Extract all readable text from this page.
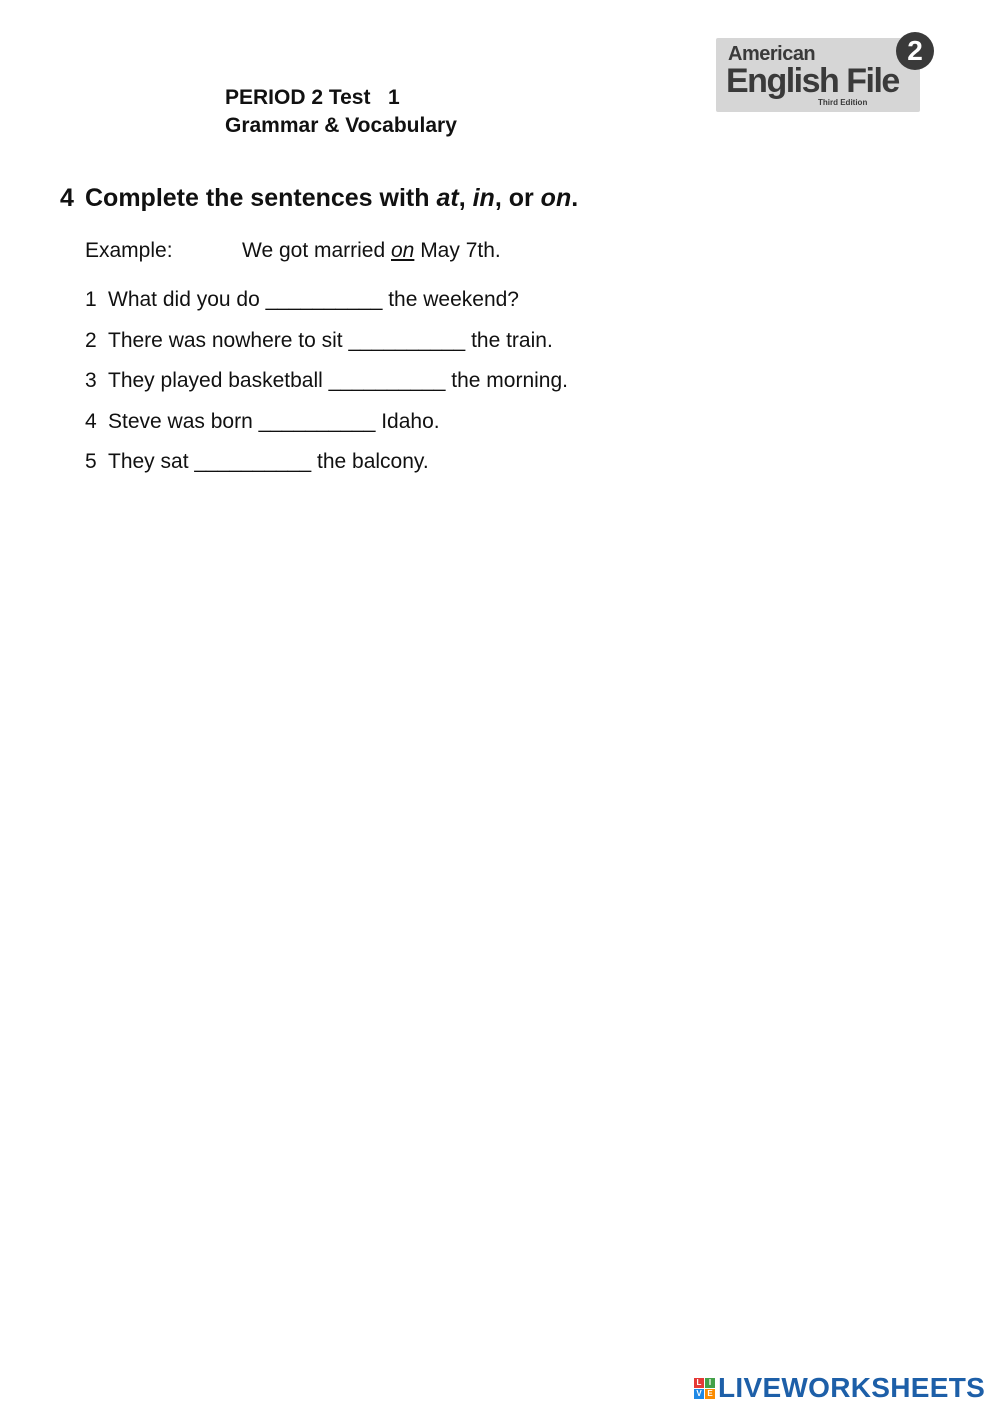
PERIOD 2 Test   1
Grammar & Vocabulary
American
English File
Third Edition
2
4 Complete the sentences with at, in, or on.
Example:	We got married on May 7th.
1 What did you do __________ the weekend?
2 There was nowhere to sit __________ the train.
3 They played basketball __________ the morning.
4 Steve was born __________ Idaho.
5 They sat __________ the balcony.
L I
V E LIVEWORKSHEETS
